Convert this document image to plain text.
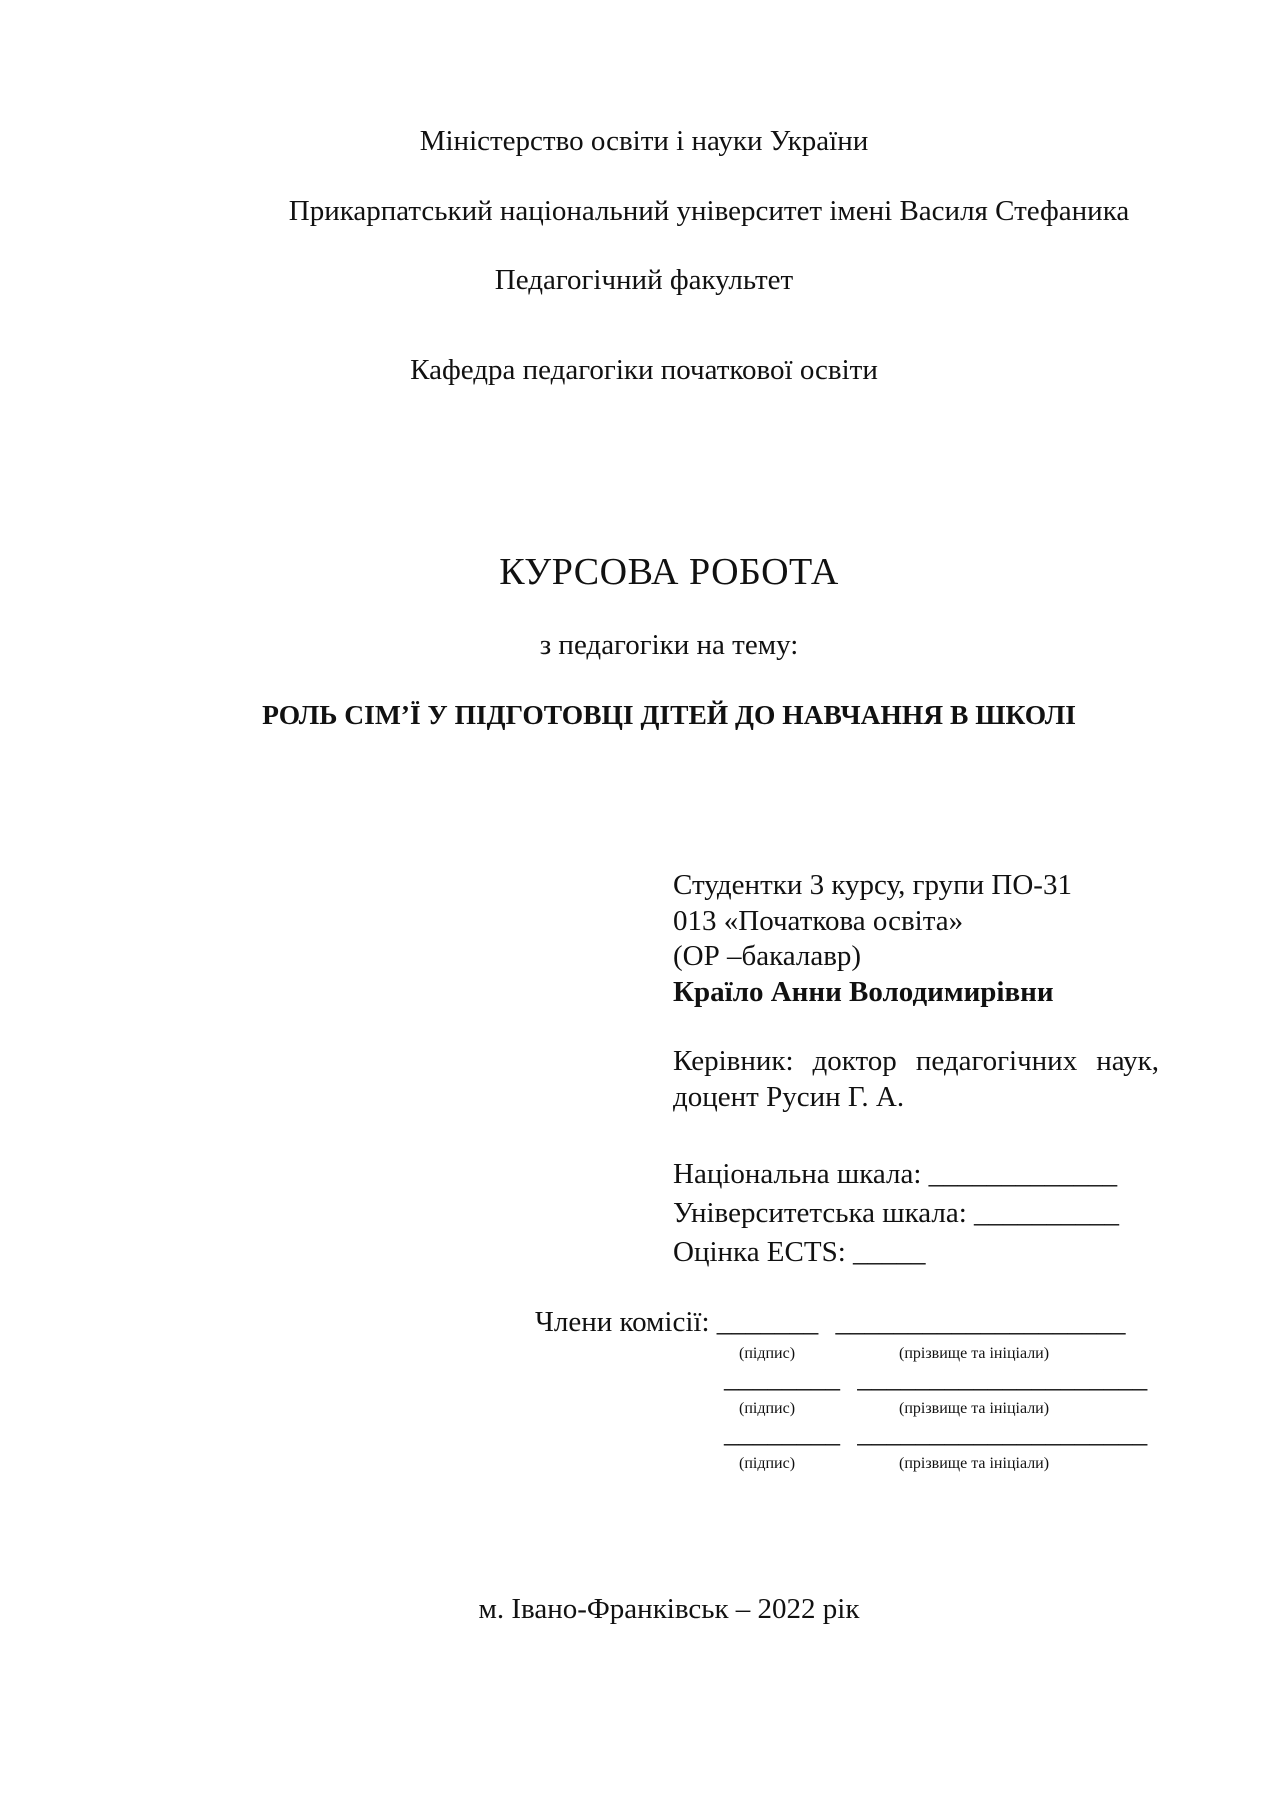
Міністерство освіти і науки України
Прикарпатський національний університет імені Василя Стефаника
Педагогічний факультет
Кафедра педагогіки початкової освіти
КУРСОВА РОБОТА
з педагогіки на тему:
РОЛЬ СІМ’Ї У ПІДГОТОВЦІ ДІТЕЙ ДО НАВЧАННЯ В ШКОЛІ
Студентки 3 курсу, групи ПО-31
013 «Початкова освіта»
(ОР –бакалавр)
Країло Анни Володимирівни
Керівник: доктор педагогічних наук,
доцент Русин Г. А.
Національна шкала: _____________
Університетська шкала: __________
Оцінка ECTS: _____
Члени комісії: _______ ____________________
(підпис)	(прізвище та ініціали)
________ ____________________
(підпис)	(прізвище та ініціали)
________ ____________________
(підпис)	(прізвище та ініціали)
м. Івано-Франківськ – 2022 рік
